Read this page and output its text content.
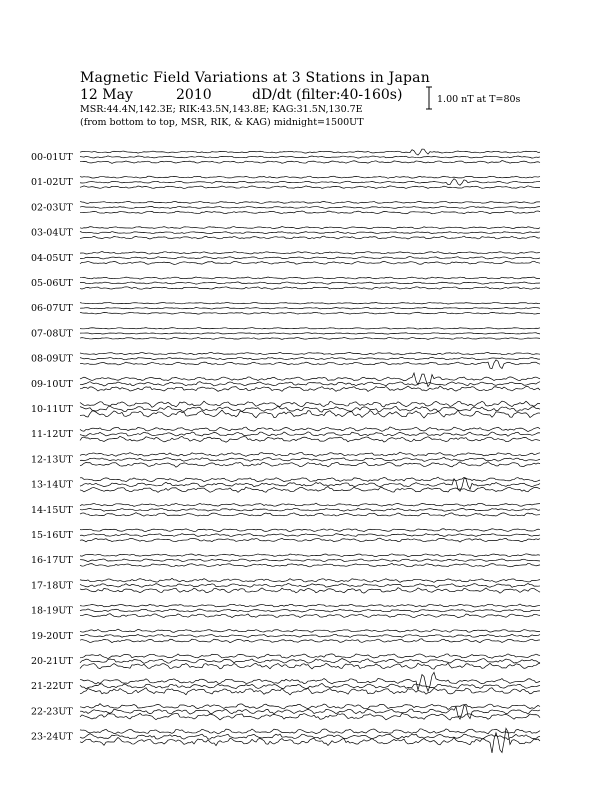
Magnetic Field Variations at 3 Stations in Japan
12 May	2010	dD/dt (filter:40-160s)
MSR:44.4N,142.3E; RIK:43.5N,143.8E; KAG:31.5N,130.7E
(from bottom to top, MSR, RIK, & KAG) midnight=1500UT
1.00 nT at T=80s
00-01UT
01-02UT
02-03UT
03-04UT
04-05UT
05-06UT
06-07UT
07-08UT
08-09UT
09-10UT
10-11UT
11-12UT
12-13UT
13-14UT
14-15UT
15-16UT
16-17UT
17-18UT
18-19UT
19-20UT
20-21UT
21-22UT
22-23UT
23-24UT
